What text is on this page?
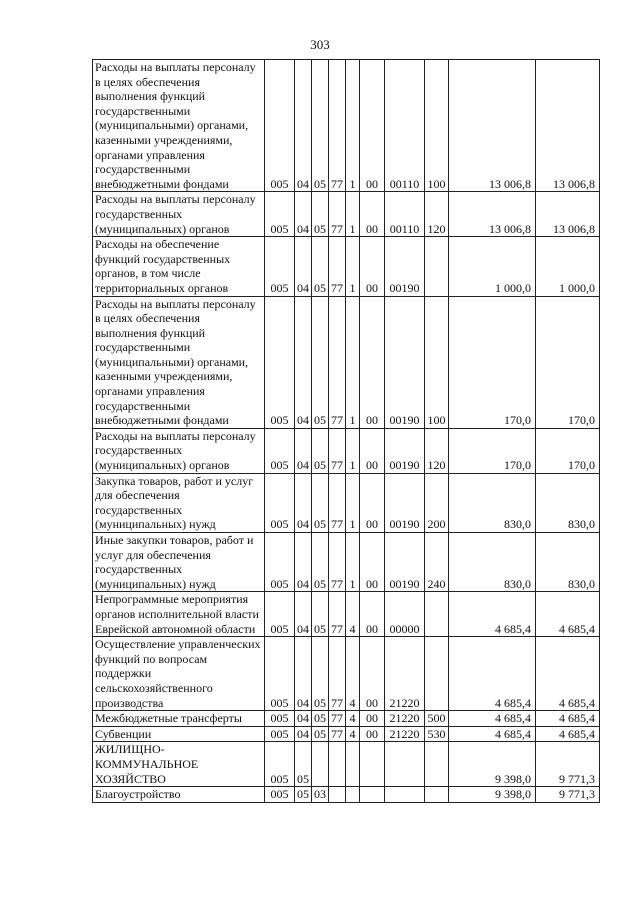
303
Расходы на выплаты персоналу в целях обеспечения выполнения функций государственными (муниципальными) органами, казенными учреждениями, органами управления государственными внебюджетными фондами	005	04	05	77	1	00	00110	100	13 006,8	13 006,8
Расходы на выплаты персоналу государственных (муниципальных) органов	005	04	05	77	1	00	00110	120	13 006,8	13 006,8
Расходы на обеспечение функций государственных органов, в том числе территориальных органов	005	04	05	77	1	00	00190		1 000,0	1 000,0
Расходы на выплаты персоналу в целях обеспечения выполнения функций государственными (муниципальными) органами, казенными учреждениями, органами управления государственными внебюджетными фондами	005	04	05	77	1	00	00190	100	170,0	170,0
Расходы на выплаты персоналу государственных (муниципальных) органов	005	04	05	77	1	00	00190	120	170,0	170,0
Закупка товаров, работ и услуг для обеспечения государственных (муниципальных) нужд	005	04	05	77	1	00	00190	200	830,0	830,0
Иные закупки товаров, работ и услуг для обеспечения государственных (муниципальных) нужд	005	04	05	77	1	00	00190	240	830,0	830,0
Непрограммные мероприятия органов исполнительной власти Еврейской автономной области	005	04	05	77	4	00	00000		4 685,4	4 685,4
Осуществление управленческих функций по вопросам поддержки сельскохозяйственного производства	005	04	05	77	4	00	21220		4 685,4	4 685,4
Межбюджетные трансферты	005	04	05	77	4	00	21220	500	4 685,4	4 685,4
Субвенции	005	04	05	77	4	00	21220	530	4 685,4	4 685,4
ЖИЛИЩНО-КОММУНАЛЬНОЕ ХОЗЯЙСТВО	005	05							9 398,0	9 771,3
Благоустройство	005	05	03						9 398,0	9 771,3
